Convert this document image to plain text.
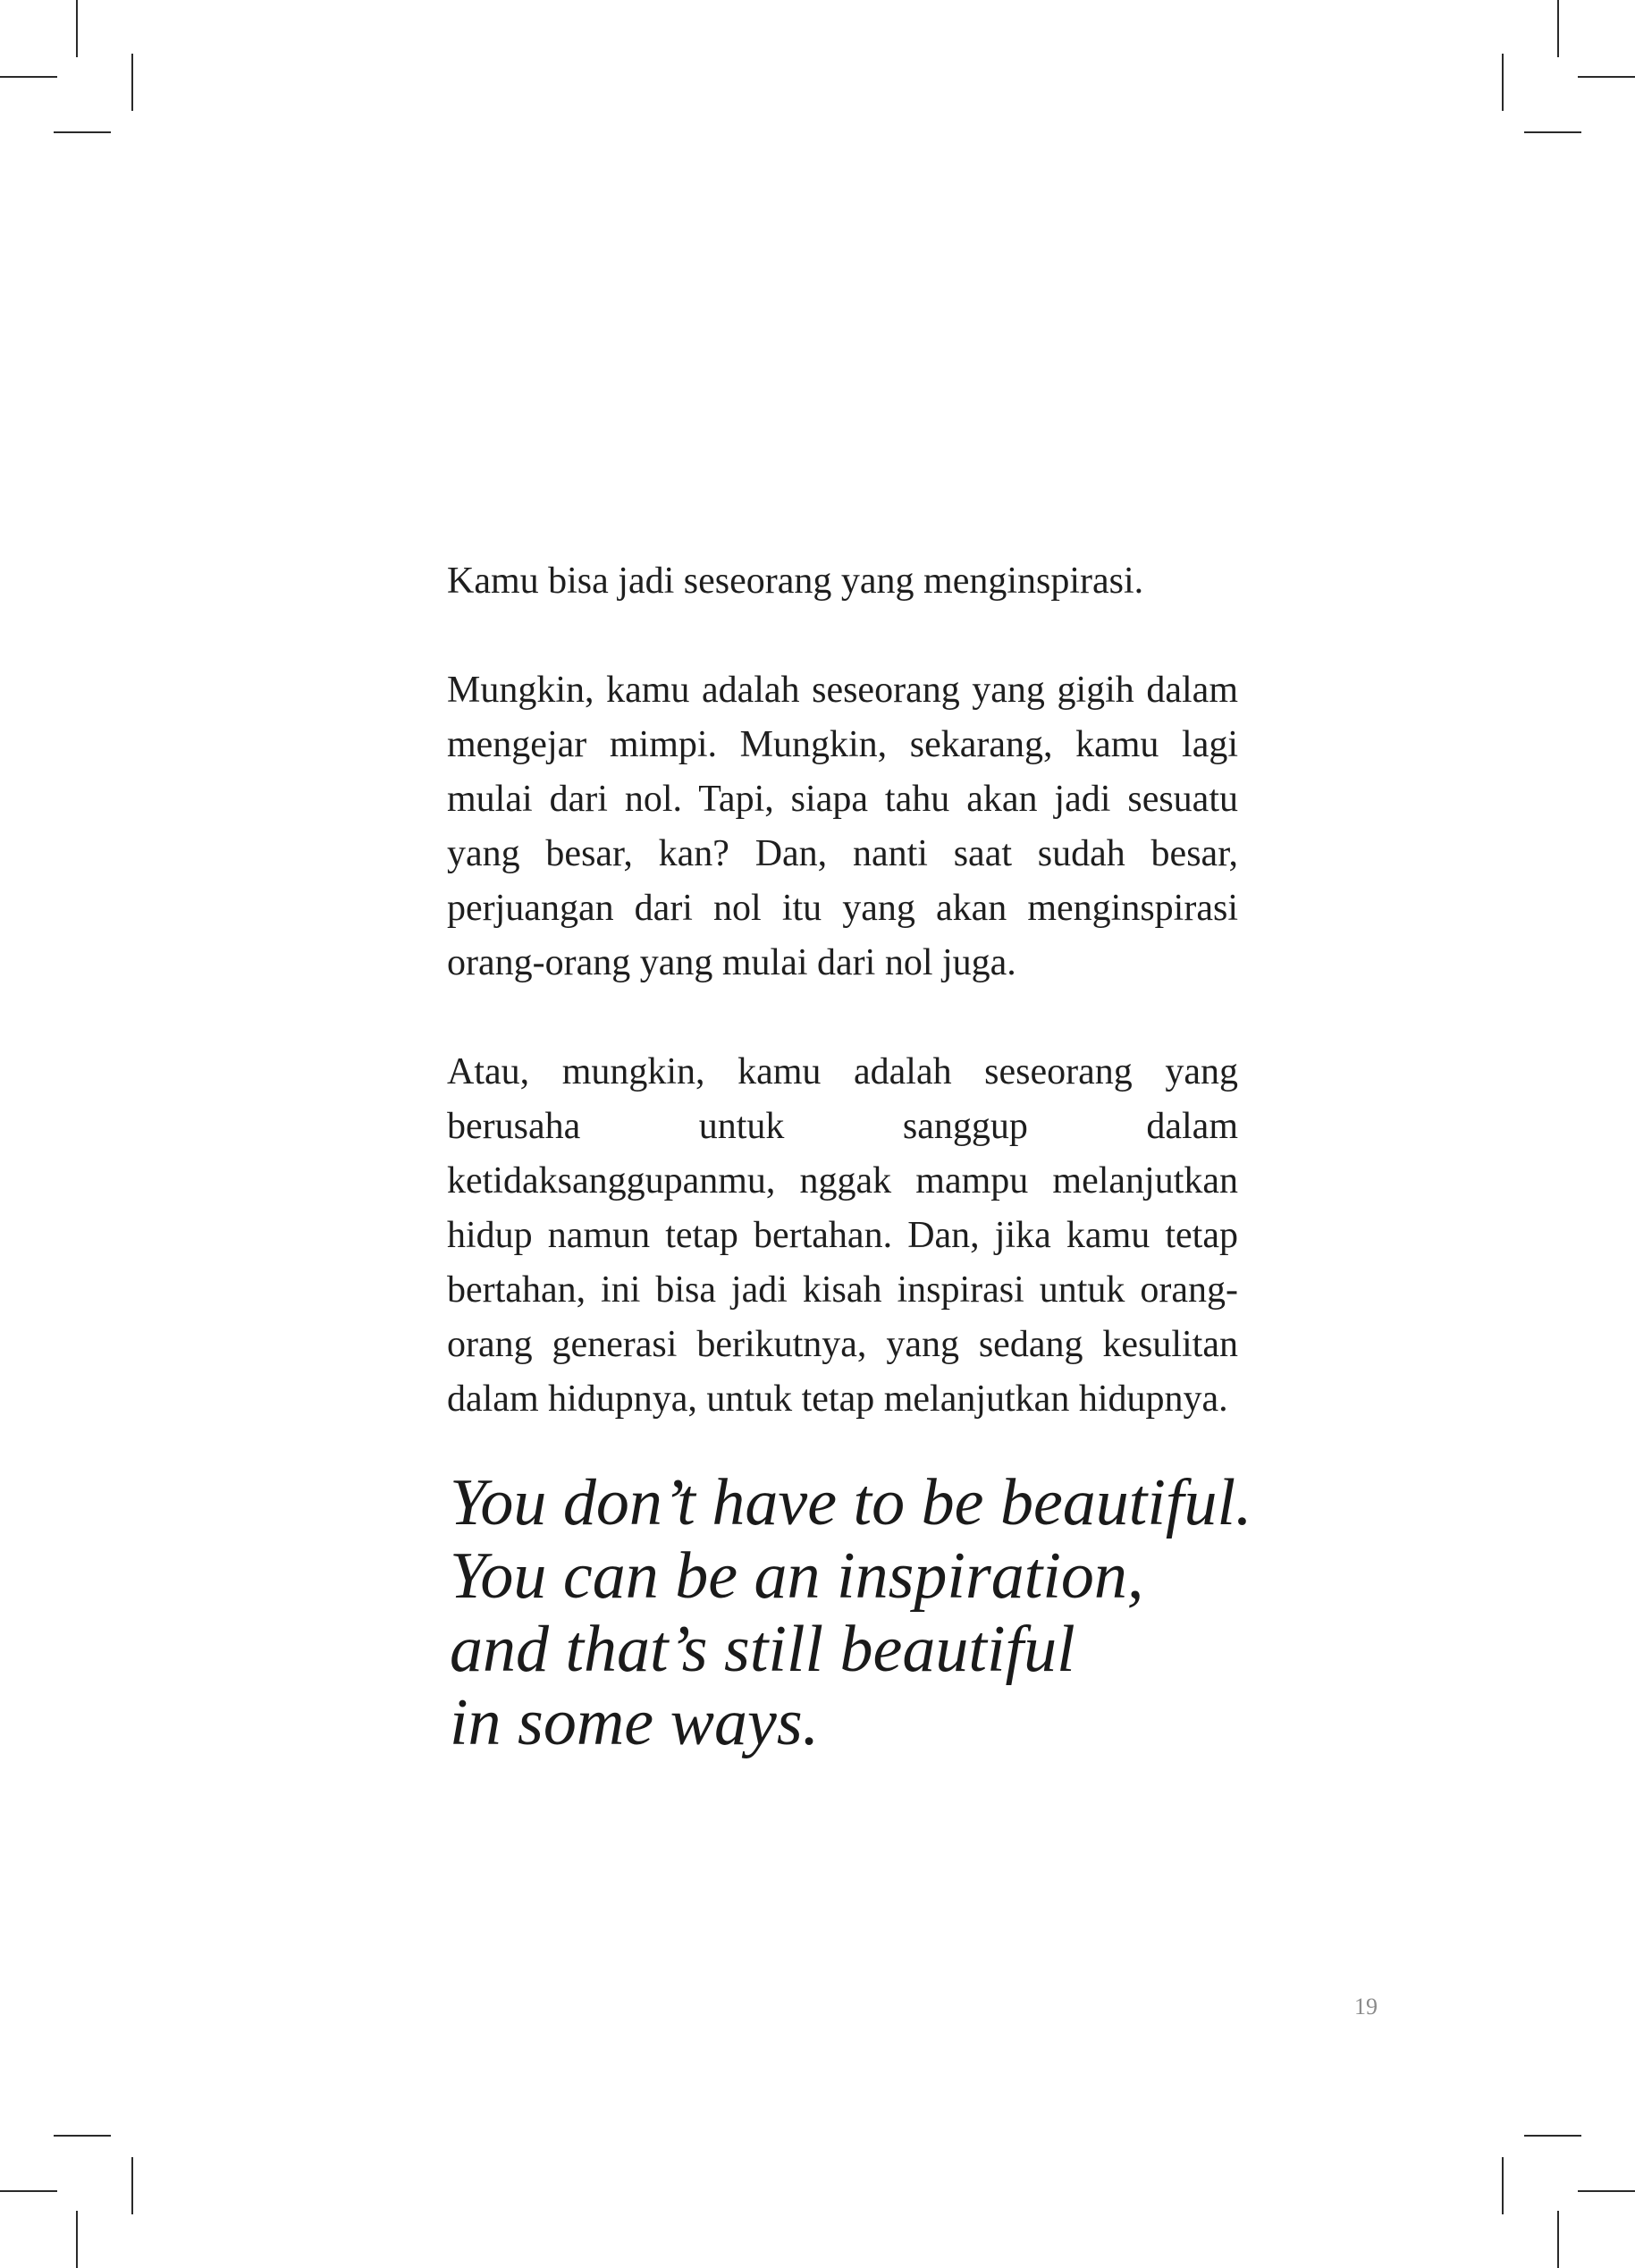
Kamu bisa jadi seseorang yang menginspirasi.

Mungkin, kamu adalah seseorang yang gigih dalam mengejar mimpi. Mungkin, sekarang, kamu lagi mulai dari nol. Tapi, siapa tahu akan jadi sesuatu yang besar, kan? Dan, nanti saat sudah besar, perjuangan dari nol itu yang akan menginspirasi orang-orang yang mulai dari nol juga.

Atau, mungkin, kamu adalah seseorang yang berusaha untuk sanggup dalam ketidaksanggupanmu, nggak mampu melanjutkan hidup namun tetap bertahan. Dan, jika kamu tetap bertahan, ini bisa jadi kisah inspirasi untuk orang-orang generasi berikutnya, yang sedang kesulitan dalam hidupnya, untuk tetap melanjutkan hidupnya.

You don’t have to be beautiful.
You can be an inspiration,
and that’s still beautiful
in some ways.
19
